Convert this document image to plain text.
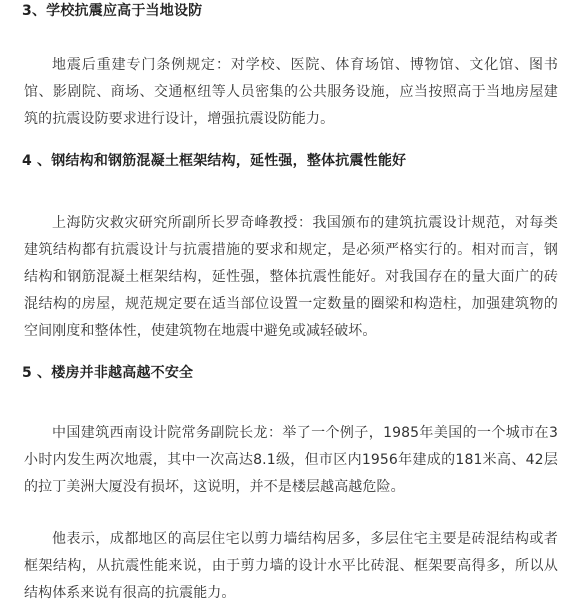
3、学校抗震应高于当地设防

地震后重建专门条例规定：对学校、医院、体育场馆、博物馆、文化馆、图书馆、影剧院、商场、交通枢纽等人员密集的公共服务设施，应当按照高于当地房屋建筑的抗震设防要求进行设计，增强抗震设防能力。

4 、钢结构和钢筋混凝土框架结构，延性强，整体抗震性能好

上海防灾救灾研究所副所长罗奇峰教授：我国颁布的建筑抗震设计规范，对每类建筑结构都有抗震设计与抗震措施的要求和规定，是必须严格实行的。相对而言，钢结构和钢筋混凝土框架结构，延性强，整体抗震性能好。对我国存在的量大面广的砖混结构的房屋，规范规定要在适当部位设置一定数量的圈梁和构造柱，加强建筑物的空间刚度和整体性，使建筑物在地震中避免或减轻破坏。

5 、楼房并非越高越不安全

中国建筑西南设计院常务副院长龙：举了一个例子，1985年美国的一个城市在3小时内发生两次地震，其中一次高达8.1级，但市区内1956年建成的181米高、42层的拉丁美洲大厦没有损坏，这说明，并不是楼层越高越危险。

他表示，成都地区的高层住宅以剪力墙结构居多，多层住宅主要是砖混结构或者框架结构，从抗震性能来说，由于剪力墙的设计水平比砖混、框架要高得多，所以从结构体系来说有很高的抗震能力。
